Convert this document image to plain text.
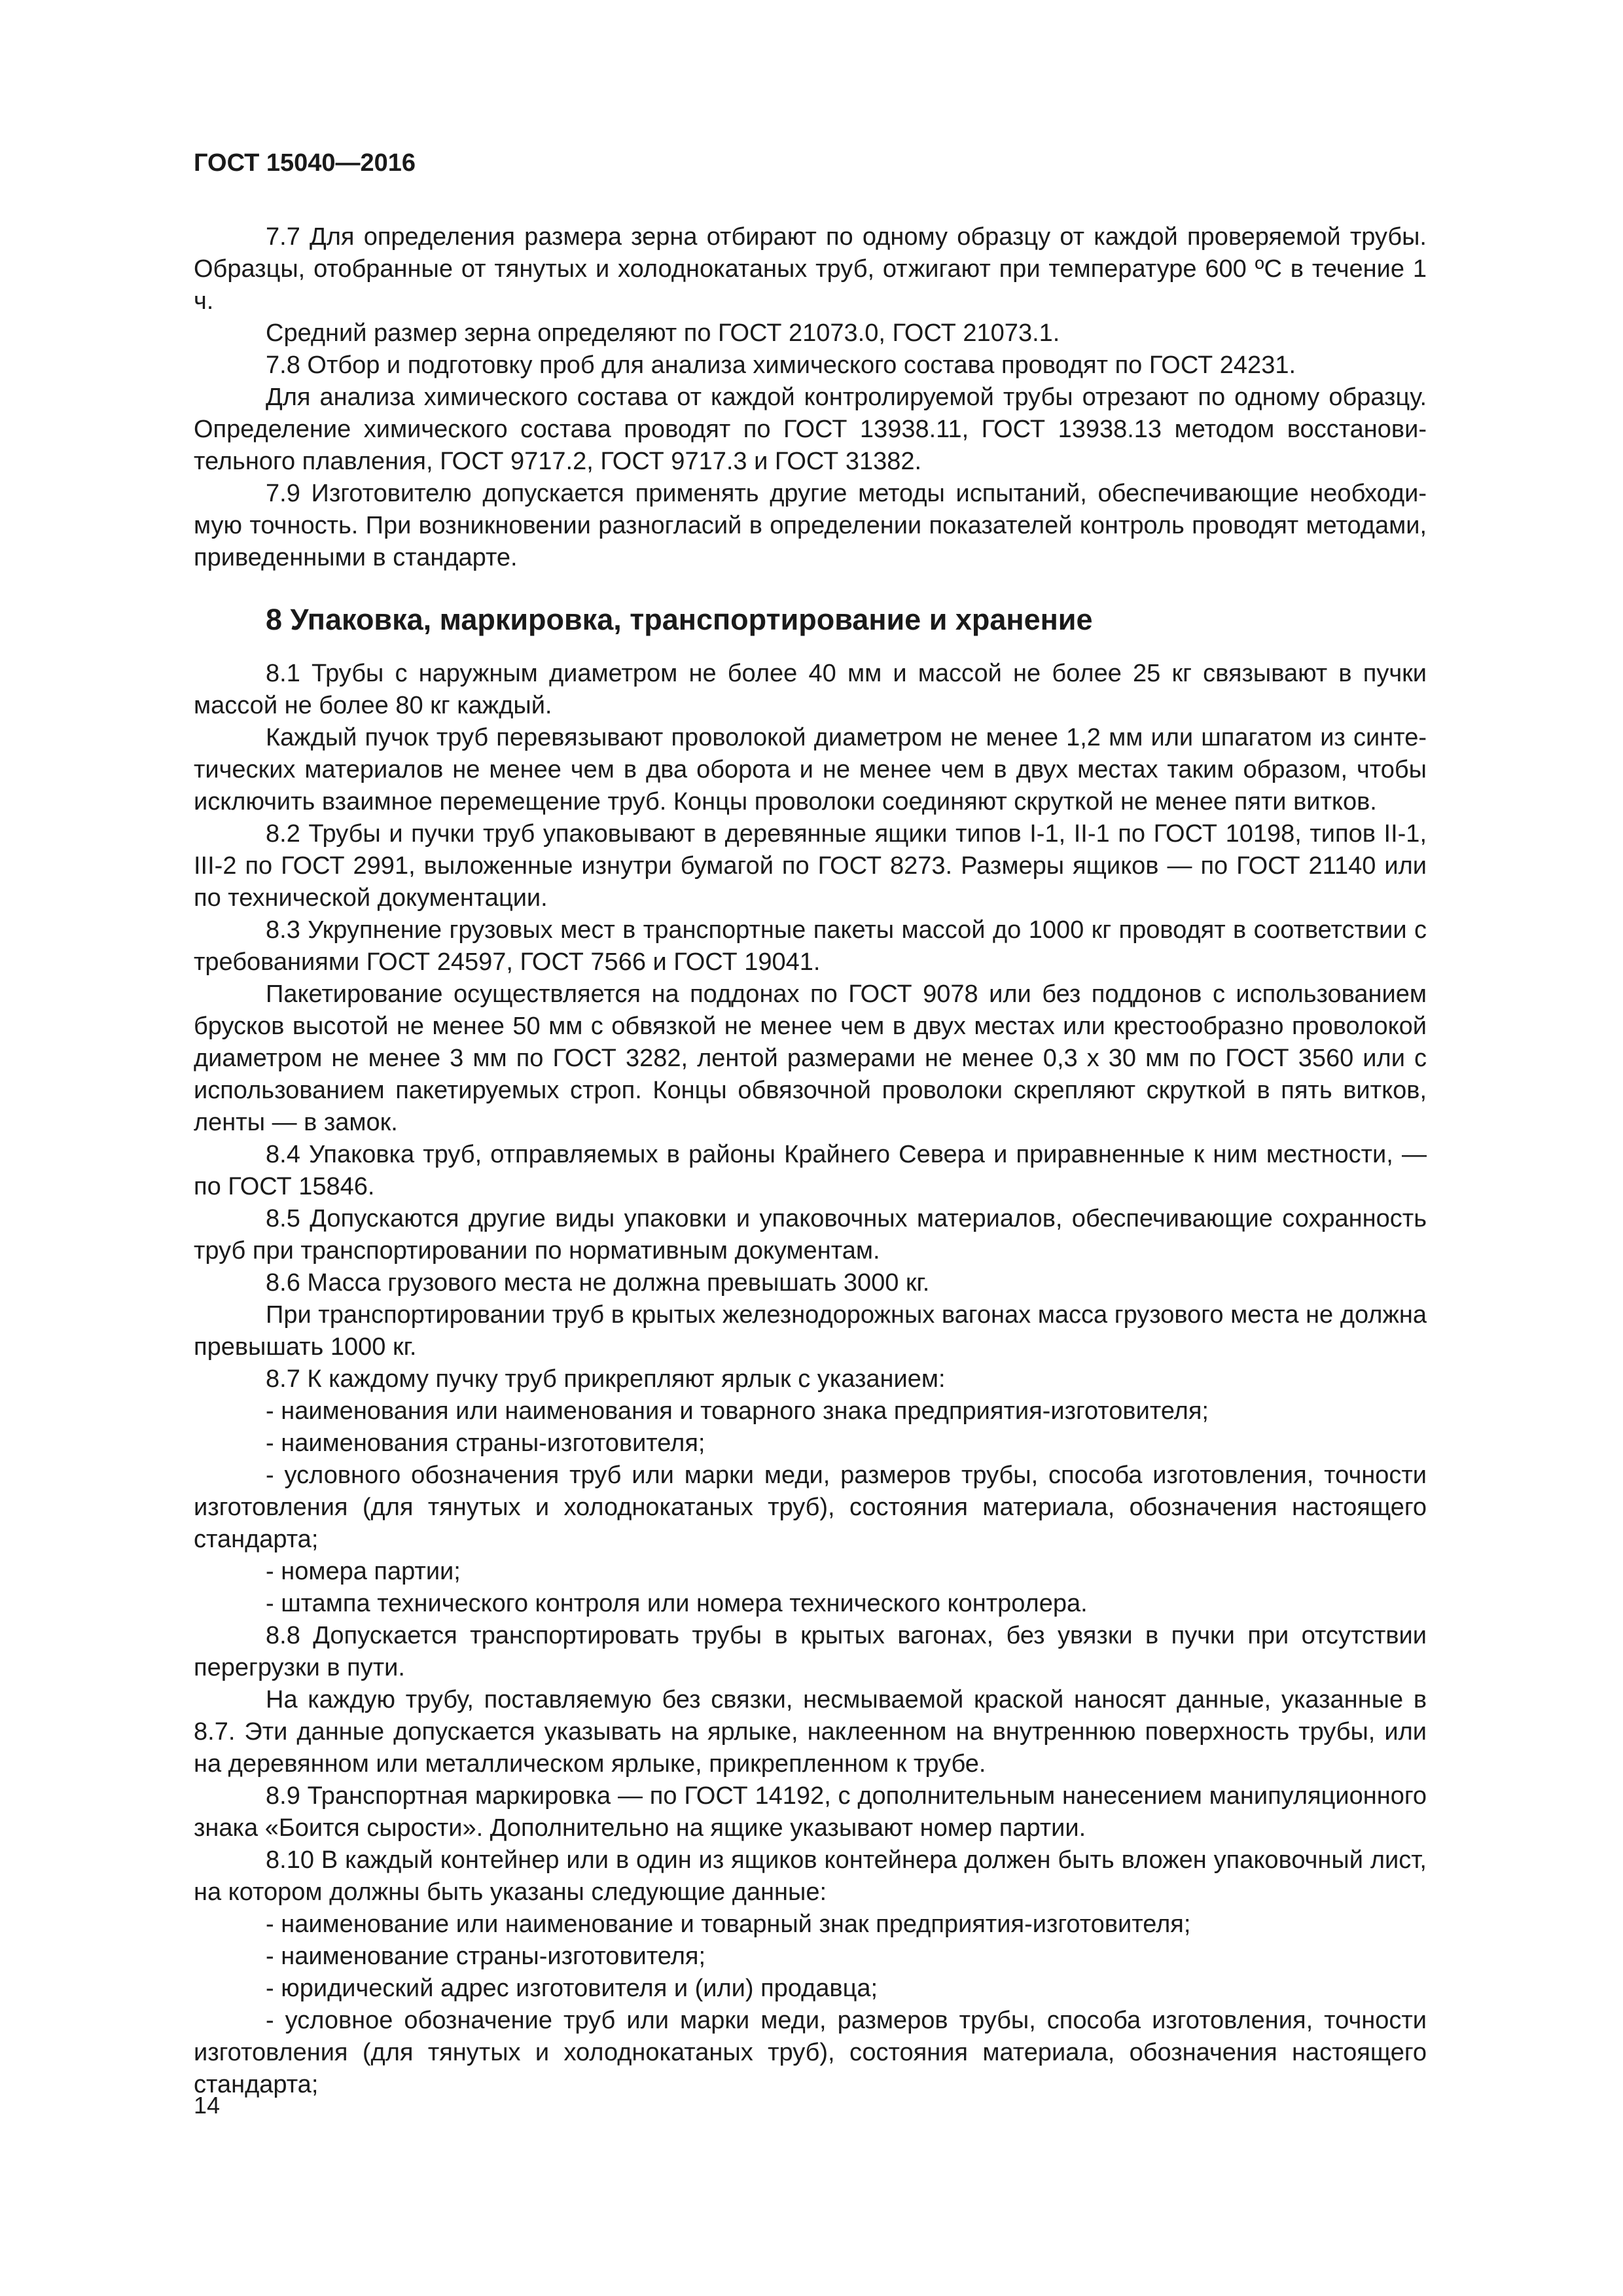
ГОСТ 15040—2016

7.7 Для определения размера зерна отбирают по одному образцу от каждой проверяемой трубы. Образцы, отобранные от тянутых и холоднокатаных труб, отжигают при температуре 600 ºС в течение 1 ч.

Средний размер зерна определяют по ГОСТ 21073.0, ГОСТ 21073.1.

7.8 Отбор и подготовку проб для анализа химического состава проводят по ГОСТ 24231.

Для анализа химического состава от каждой контролируемой трубы отрезают по одному образцу. Определение химического состава проводят по ГОСТ 13938.11, ГОСТ 13938.13 методом восстановительного плавления, ГОСТ 9717.2, ГОСТ 9717.3 и ГОСТ 31382.

7.9 Изготовителю допускается применять другие методы испытаний, обеспечивающие необходимую точность. При возникновении разногласий в определении показателей контроль проводят методами, приведенными в стандарте.

8 Упаковка, маркировка, транспортирование и хранение

8.1 Трубы с наружным диаметром не более 40 мм и массой не более 25 кг связывают в пучки массой не более 80 кг каждый.

Каждый пучок труб перевязывают проволокой диаметром не менее 1,2 мм или шпагатом из синтетических материалов не менее чем в два оборота и не менее чем в двух местах таким образом, чтобы исключить взаимное перемещение труб. Концы проволоки соединяют скруткой не менее пяти витков.

8.2 Трубы и пучки труб упаковывают в деревянные ящики типов I-1, II-1 по ГОСТ 10198, типов II-1, III-2 по ГОСТ 2991, выложенные изнутри бумагой по ГОСТ 8273. Размеры ящиков — по ГОСТ 21140 или по технической документации.

8.3 Укрупнение грузовых мест в транспортные пакеты массой до 1000 кг проводят в соответствии с требованиями ГОСТ 24597, ГОСТ 7566 и ГОСТ 19041.

Пакетирование осуществляется на поддонах по ГОСТ 9078 или без поддонов с использованием брусков высотой не менее 50 мм с обвязкой не менее чем в двух местах или крестообразно проволокой диаметром не менее 3 мм по ГОСТ 3282, лентой размерами не менее 0,3 х 30 мм по ГОСТ 3560 или с использованием пакетируемых строп. Концы обвязочной проволоки скрепляют скруткой в пять витков, ленты — в замок.

8.4 Упаковка труб, отправляемых в районы Крайнего Севера и приравненные к ним местности, — по ГОСТ 15846.

8.5 Допускаются другие виды упаковки и упаковочных материалов, обеспечивающие сохранность труб при транспортировании по нормативным документам.

8.6 Масса грузового места не должна превышать 3000 кг.

При транспортировании труб в крытых железнодорожных вагонах масса грузового места не должна превышать 1000 кг.

8.7 К каждому пучку труб прикрепляют ярлык с указанием:

- наименования или наименования и товарного знака предприятия-изготовителя;

- наименования страны-изготовителя;

- условного обозначения труб или марки меди, размеров трубы, способа изготовления, точности изготовления (для тянутых и холоднокатаных труб), состояния материала, обозначения настоящего стандарта;

- номера партии;

- штампа технического контроля или номера технического контролера.

8.8 Допускается транспортировать трубы в крытых вагонах, без увязки в пучки при отсутствии перегрузки в пути.

На каждую трубу, поставляемую без связки, несмываемой краской наносят данные, указанные в 8.7. Эти данные допускается указывать на ярлыке, наклеенном на внутреннюю поверхность трубы, или на деревянном или металлическом ярлыке, прикрепленном к трубе.

8.9 Транспортная маркировка — по ГОСТ 14192, с дополнительным нанесением манипуляционного знака «Боится сырости». Дополнительно на ящике указывают номер партии.

8.10 В каждый контейнер или в один из ящиков контейнера должен быть вложен упаковочный лист, на котором должны быть указаны следующие данные:

- наименование или наименование и товарный знак предприятия-изготовителя;

- наименование страны-изготовителя;

- юридический адрес изготовителя и (или) продавца;

- условное обозначение труб или марки меди, размеров трубы, способа изготовления, точности изготовления (для тянутых и холоднокатаных труб), состояния материала, обозначения настоящего стандарта;

14
